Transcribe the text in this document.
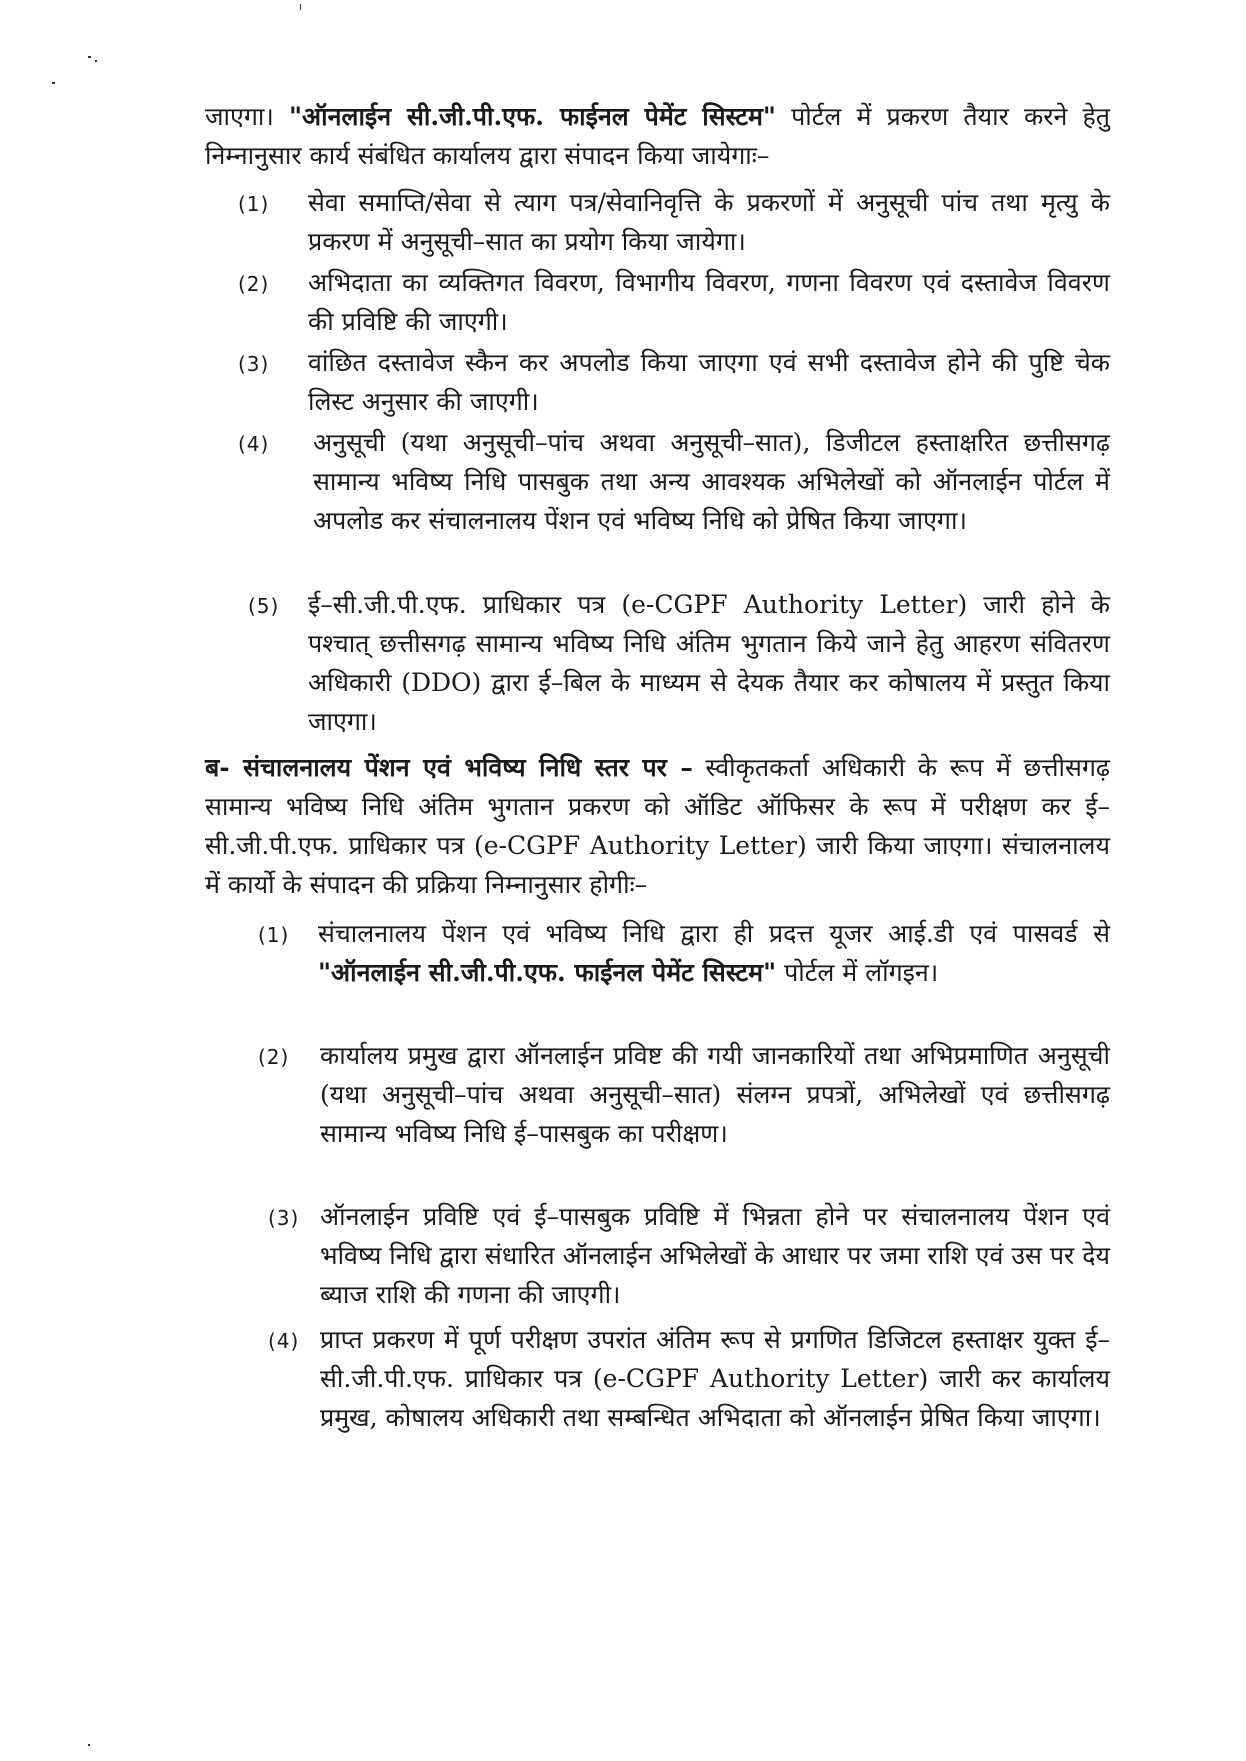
जाएगा। "ऑनलाईन सी.जी.पी.एफ. फाईनल पेमेंट सिस्टम" पोर्टल में प्रकरण तैयार करने हेतु निम्नानुसार कार्य संबंधित कार्यालय द्वारा संपादन किया जायेगाः–
(1) सेवा समाप्ति/सेवा से त्याग पत्र/सेवानिवृत्ति के प्रकरणों में अनुसूची पांच तथा मृत्यु के प्रकरण में अनुसूची–सात का प्रयोग किया जायेगा।
(2) अभिदाता का व्यक्तिगत विवरण, विभागीय विवरण, गणना विवरण एवं दस्तावेज विवरण की प्रविष्टि की जाएगी।
(3) वांछित दस्तावेज स्कैन कर अपलोड किया जाएगा एवं सभी दस्तावेज होने की पुष्टि चेक लिस्ट अनुसार की जाएगी।
(4) अनुसूची (यथा अनुसूची–पांच अथवा अनुसूची–सात), डिजीटल हस्ताक्षरित छत्तीसगढ़ सामान्य भविष्य निधि पासबुक तथा अन्य आवश्यक अभिलेखों को ऑनलाईन पोर्टल में अपलोड कर संचालनालय पेंशन एवं भविष्य निधि को प्रेषित किया जाएगा।
(5) ई–सी.जी.पी.एफ. प्राधिकार पत्र (e-CGPF Authority Letter) जारी होने के पश्चात् छत्तीसगढ़ सामान्य भविष्य निधि अंतिम भुगतान किये जाने हेतु आहरण संवितरण अधिकारी (DDO) द्वारा ई–बिल के माध्यम से देयक तैयार कर कोषालय में प्रस्तुत किया जाएगा।
ब- संचालनालय पेंशन एवं भविष्य निधि स्तर पर – स्वीकृतकर्ता अधिकारी के रूप में छत्तीसगढ़ सामान्य भविष्य निधि अंतिम भुगतान प्रकरण को ऑडिट ऑफिसर के रूप में परीक्षण कर ई–सी.जी.पी.एफ. प्राधिकार पत्र (e-CGPF Authority Letter) जारी किया जाएगा। संचालनालय में कार्यो के संपादन की प्रक्रिया निम्नानुसार होगीः–
(1) संचालनालय पेंशन एवं भविष्य निधि द्वारा ही प्रदत्त यूजर आई.डी एवं पासवर्ड से "ऑनलाईन सी.जी.पी.एफ. फाईनल पेमेंट सिस्टम" पोर्टल में लॉगइन।
(2) कार्यालय प्रमुख द्वारा ऑनलाईन प्रविष्ट की गयी जानकारियों तथा अभिप्रमाणित अनुसूची (यथा अनुसूची–पांच अथवा अनुसूची–सात) संलग्न प्रपत्रों, अभिलेखों एवं छत्तीसगढ़ सामान्य भविष्य निधि ई–पासबुक का परीक्षण।
(3) ऑनलाईन प्रविष्टि एवं ई–पासबुक प्रविष्टि में भिन्नता होने पर संचालनालय पेंशन एवं भविष्य निधि द्वारा संधारित ऑनलाईन अभिलेखों के आधार पर जमा राशि एवं उस पर देय ब्याज राशि की गणना की जाएगी।
(4) प्राप्त प्रकरण में पूर्ण परीक्षण उपरांत अंतिम रूप से प्रगणित डिजिटल हस्ताक्षर युक्त ई–सी.जी.पी.एफ. प्राधिकार पत्र (e-CGPF Authority Letter) जारी कर कार्यालय प्रमुख, कोषालय अधिकारी तथा सम्बन्धित अभिदाता को ऑनलाईन प्रेषित किया जाएगा।
